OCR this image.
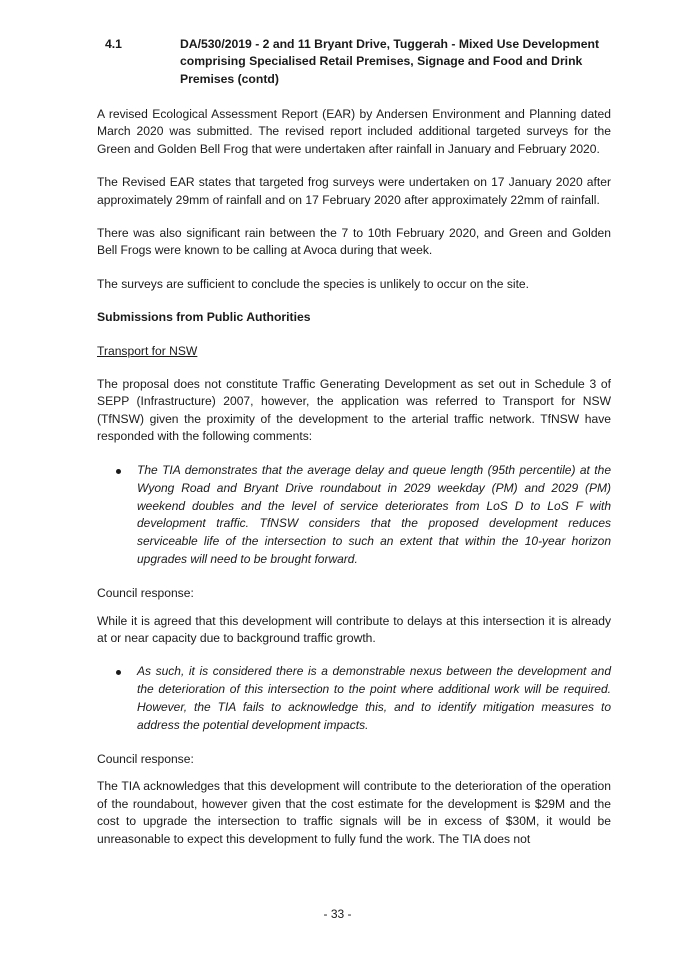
4.1	DA/530/2019 - 2 and 11 Bryant Drive, Tuggerah - Mixed Use Development comprising Specialised Retail Premises, Signage and Food and Drink Premises (contd)

A revised Ecological Assessment Report (EAR) by Andersen Environment and Planning dated March 2020 was submitted. The revised report included additional targeted surveys for the Green and Golden Bell Frog that were undertaken after rainfall in January and February 2020.

The Revised EAR states that targeted frog surveys were undertaken on 17 January 2020 after approximately 29mm of rainfall and on 17 February 2020 after approximately 22mm of rainfall.

There was also significant rain between the 7 to 10th February 2020, and Green and Golden Bell Frogs were known to be calling at Avoca during that week.

The surveys are sufficient to conclude the species is unlikely to occur on the site.

Submissions from Public Authorities
Transport for NSW

The proposal does not constitute Traffic Generating Development as set out in Schedule 3 of SEPP (Infrastructure) 2007, however, the application was referred to Transport for NSW (TfNSW) given the proximity of the development to the arterial traffic network. TfNSW have responded with the following comments:

The TIA demonstrates that the average delay and queue length (95th percentile) at the Wyong Road and Bryant Drive roundabout in 2029 weekday (PM) and 2029 (PM) weekend doubles and the level of service deteriorates from LoS D to LoS F with development traffic. TfNSW considers that the proposed development reduces serviceable life of the intersection to such an extent that within the 10-year horizon upgrades will need to be brought forward.

Council response:

While it is agreed that this development will contribute to delays at this intersection it is already at or near capacity due to background traffic growth.

As such, it is considered there is a demonstrable nexus between the development and the deterioration of this intersection to the point where additional work will be required. However, the TIA fails to acknowledge this, and to identify mitigation measures to address the potential development impacts.

Council response:

The TIA acknowledges that this development will contribute to the deterioration of the operation of the roundabout, however given that the cost estimate for the development is $29M and the cost to upgrade the intersection to traffic signals will be in excess of $30M, it would be unreasonable to expect this development to fully fund the work. The TIA does not

- 33 -
